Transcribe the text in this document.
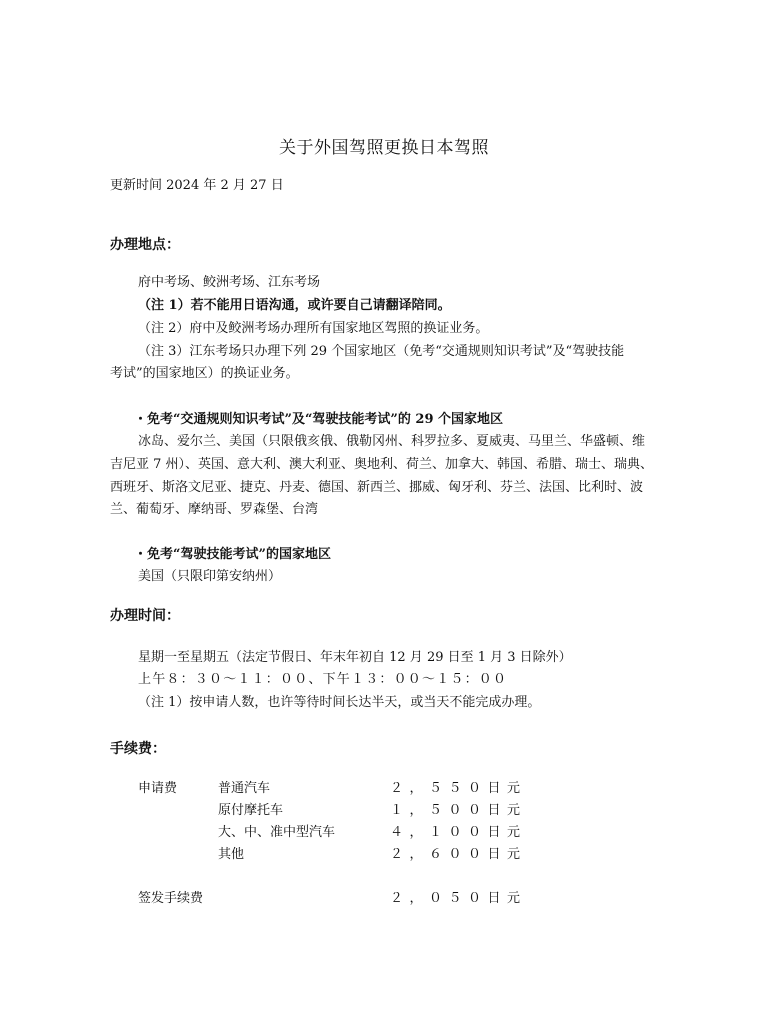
关于外国驾照更换日本驾照
更新时间 2024 年 2 月 27 日
办理地点：
府中考场、鲛洲考场、江东考场
（注 1）若不能用日语沟通，或许要自己请翻译陪同。
（注 2）府中及鲛洲考场办理所有国家地区驾照的换证业务。
（注 3）江东考场只办理下列 29 个国家地区（免考“交通规则知识考试”及“驾驶技能
考试”的国家地区）的换证业务。
・免考“交通规则知识考试”及“驾驶技能考试”的 29 个国家地区
冰岛、爱尔兰、美国（只限俄亥俄、俄勒冈州、科罗拉多、夏威夷、马里兰、华盛顿、维
吉尼亚 7 州）、英国、意大利、澳大利亚、奥地利、荷兰、加拿大、韩国、希腊、瑞士、瑞典、
西班牙、斯洛文尼亚、捷克、丹麦、德国、新西兰、挪威、匈牙利、芬兰、法国、比利时、波
兰、葡萄牙、摩纳哥、罗森堡、台湾
・免考“驾驶技能考试”的国家地区
美国（只限印第安纳州）
办理时间：
星期一至星期五（法定节假日、年末年初自 12 月 29 日至 1 月 3 日除外）
上午８：３０～１１：００、下午１３：００～１５：００
（注 1）按申请人数，也许等待时间长达半天，或当天不能完成办理。
手续费：
申请费	普通汽车	２，５５０日元
原付摩托车	１，５００日元
大、中、准中型汽车	４，１００日元
其他	２，６００日元
签发手续费	２，０５０日元
